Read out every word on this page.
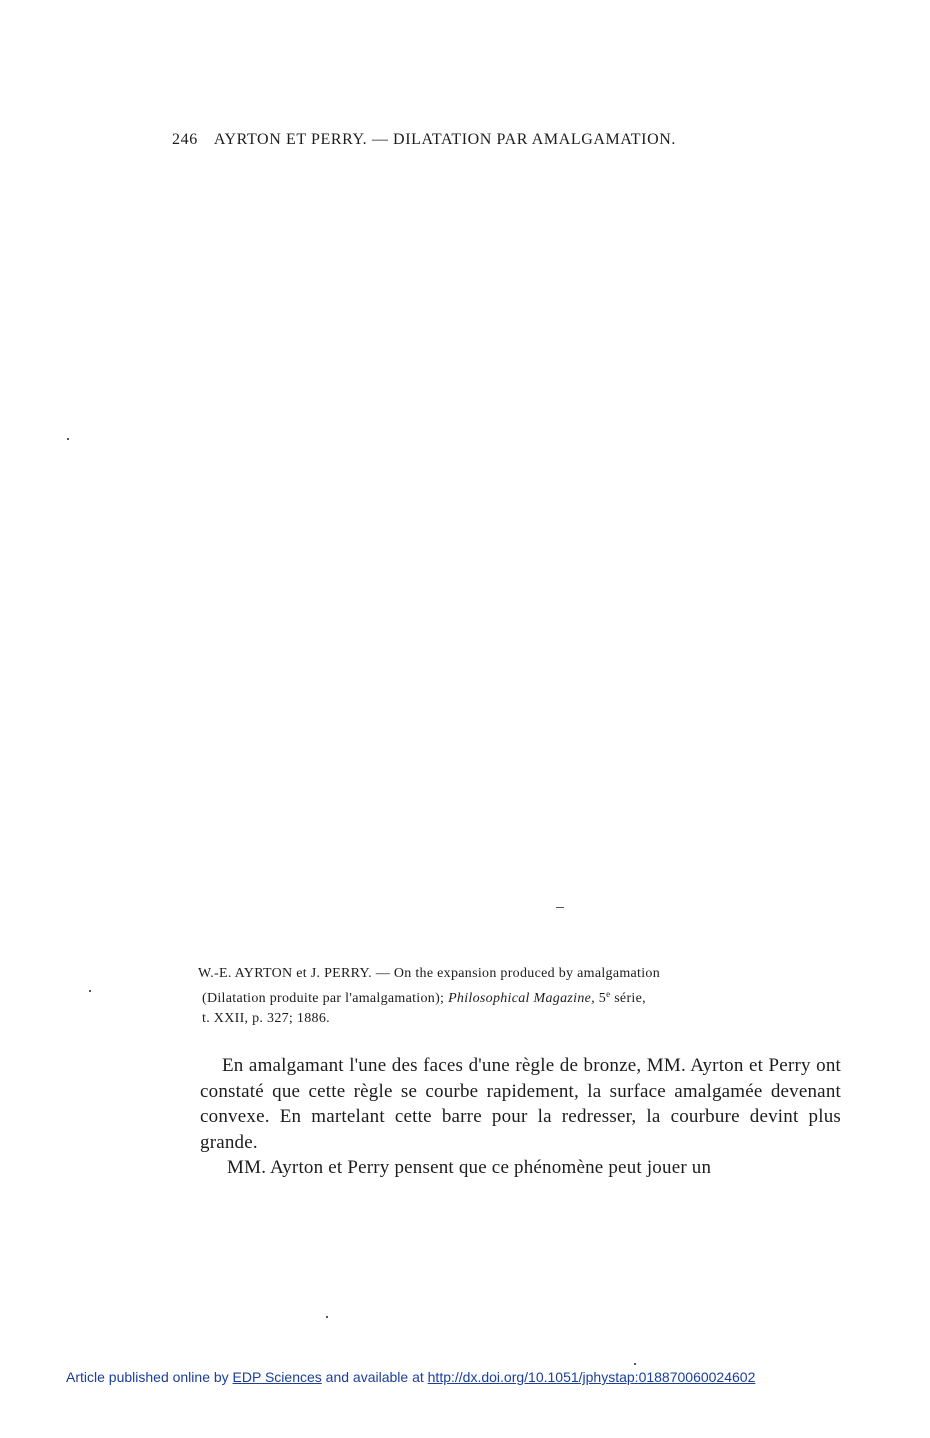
246 AYRTON ET PERRY. — DILATATION PAR AMALGAMATION.
W.-E. AYRTON et J. PERRY. — On the expansion produced by amalgamation
(Dilatation produite par l'amalgamation); Philosophical Magazine, 5e série,
t. XXII, p. 327; 1886.

En amalgamant l'une des faces d'une règle de bronze, MM. Ayrton et Perry ont constaté que cette règle se courbe rapidement, la surface amalgamée devenant convexe. En martelant cette barre pour la redresser, la courbure devint plus grande.

MM. Ayrton et Perry pensent que ce phénomène peut jouer un

Article published online by EDP Sciences and available at http://dx.doi.org/10.1051/jphystap:018870060024602
